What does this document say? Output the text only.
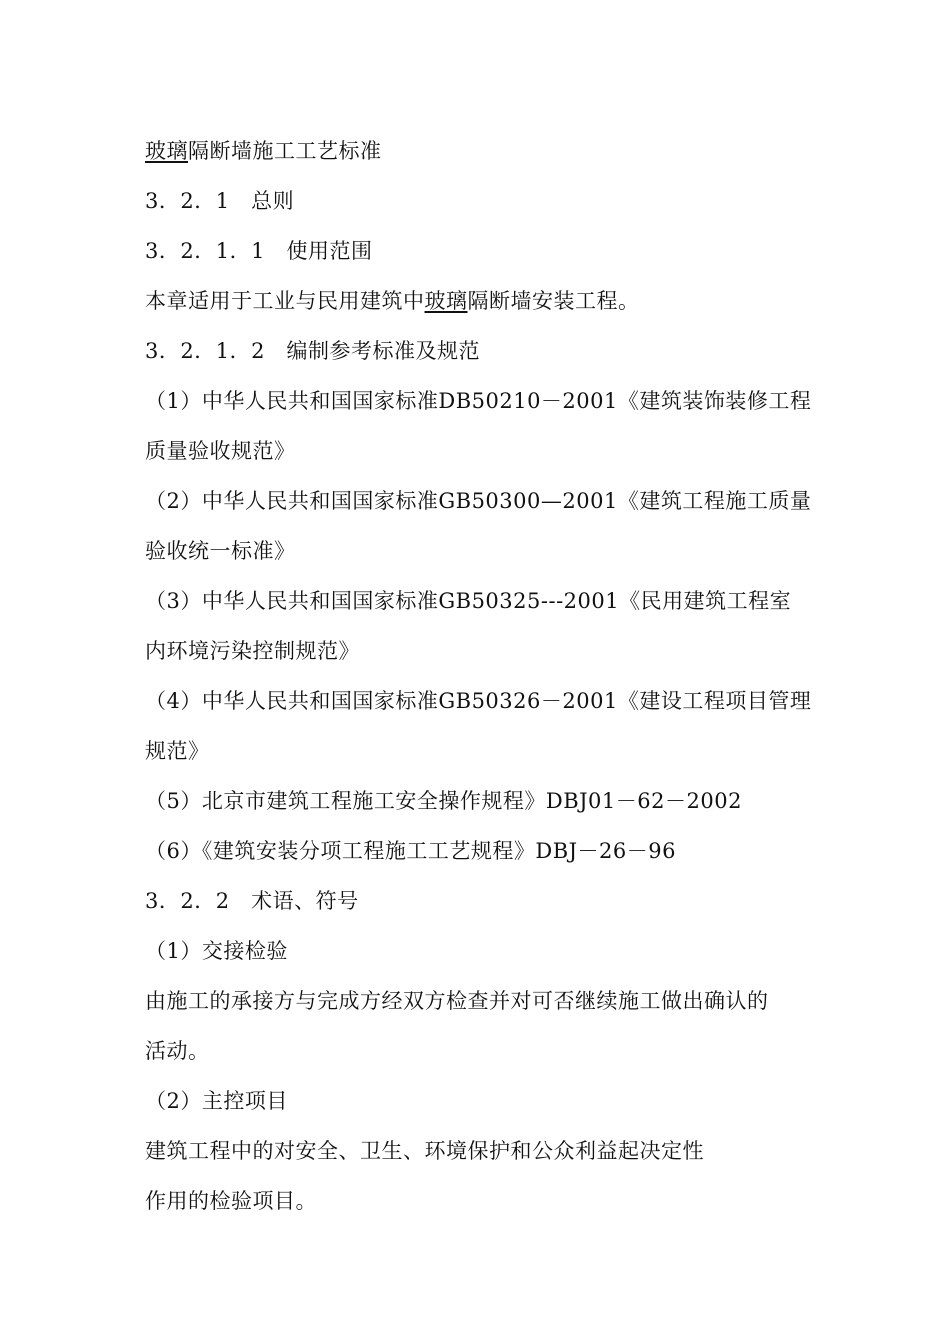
玻璃隔断墙施工工艺标准
3．2．1　总则
3．2．1．1　使用范围
本章适用于工业与民用建筑中玻璃隔断墙安装工程。
3．2．1．2　编制参考标准及规范
（1）中华人民共和国国家标准DB50210－2001《建筑装饰装修工程
质量验收规范》
（2）中华人民共和国国家标准GB50300—2001《建筑工程施工质量
验收统一标准》
（3）中华人民共和国国家标准GB50325---2001《民用建筑工程室
内环境污染控制规范》
（4）中华人民共和国国家标准GB50326－2001《建设工程项目管理
规范》
（5）北京市建筑工程施工安全操作规程》DBJ01－62－2002
（6）《建筑安装分项工程施工工艺规程》DBJ－26－96
3．2．2　术语、符号
（1）交接检验
由施工的承接方与完成方经双方检查并对可否继续施工做出确认的
活动。
（2）主控项目
建筑工程中的对安全、卫生、环境保护和公众利益起决定性
作用的检验项目。
